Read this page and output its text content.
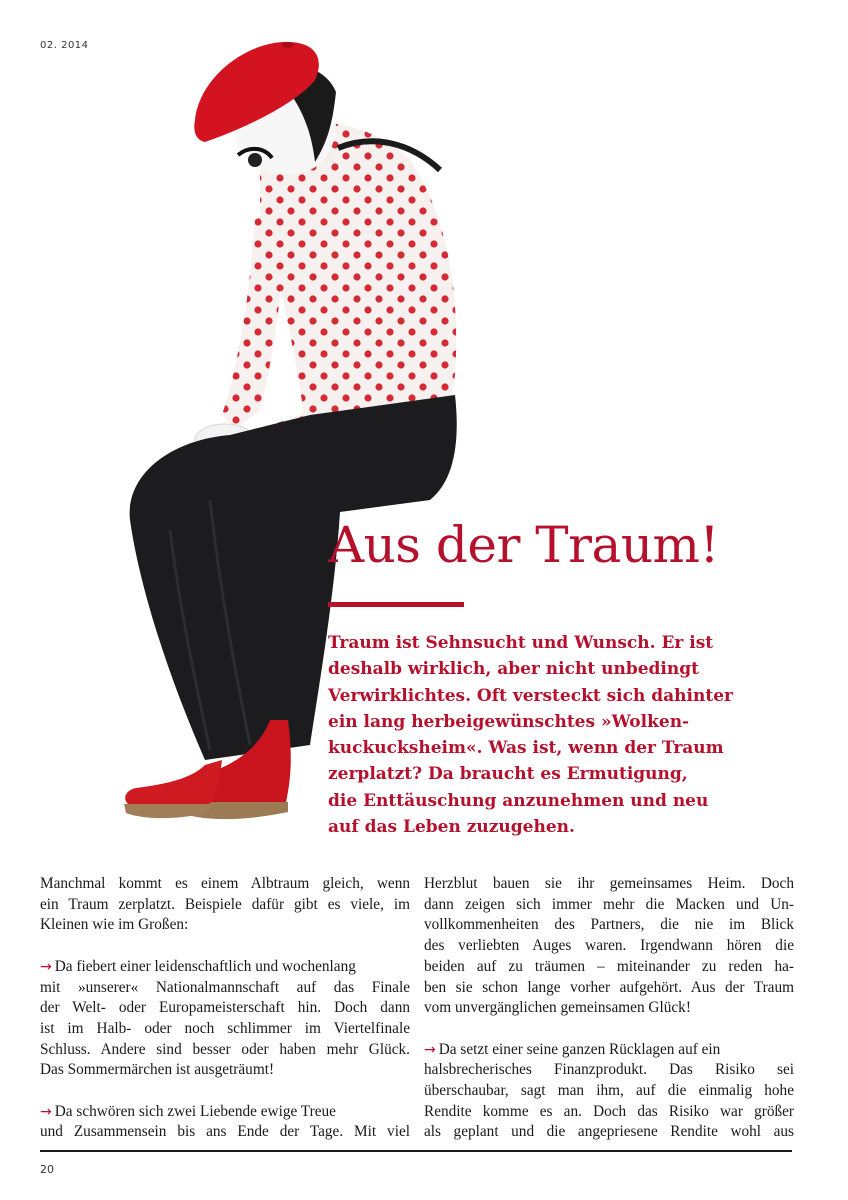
02. 2014
Aus der Traum!

Traum ist Sehnsucht und Wunsch. Er ist
deshalb wirklich, aber nicht unbedingt
Verwirklichtes. Oft versteckt sich dahinter
ein lang herbeigewünschtes »Wolken-
kuckucksheim«. Was ist, wenn der Traum
zerplatzt? Da braucht es Ermutigung,
die Enttäuschung anzunehmen und neu
auf das Leben zuzugehen.

Manchmal kommt es einem Albtraum gleich, wenn
ein Traum zerplatzt. Beispiele dafür gibt es viele, im
Kleinen wie im Großen:
→ Da fiebert einer leidenschaftlich und wochenlang
mit »unserer« Nationalmannschaft auf das Finale
der Welt- oder Europameisterschaft hin. Doch dann
ist im Halb- oder noch schlimmer im Viertelfinale
Schluss. Andere sind besser oder haben mehr Glück.
Das Sommermärchen ist ausgeträumt!
→ Da schwören sich zwei Liebende ewige Treue
und Zusammensein bis ans Ende der Tage. Mit viel
Herzblut bauen sie ihr gemeinsames Heim. Doch
dann zeigen sich immer mehr die Macken und Un-
vollkommenheiten des Partners, die nie im Blick
des verliebten Auges waren. Irgendwann hören die
beiden auf zu träumen – miteinander zu reden ha-
ben sie schon lange vorher aufgehört. Aus der Traum
vom unvergänglichen gemeinsamen Glück!
→ Da setzt einer seine ganzen Rücklagen auf ein
halsbrecherisches Finanzprodukt. Das Risiko sei
überschaubar, sagt man ihm, auf die einmalig hohe
Rendite komme es an. Doch das Risiko war größer
als geplant und die angepriesene Rendite wohl aus
20
